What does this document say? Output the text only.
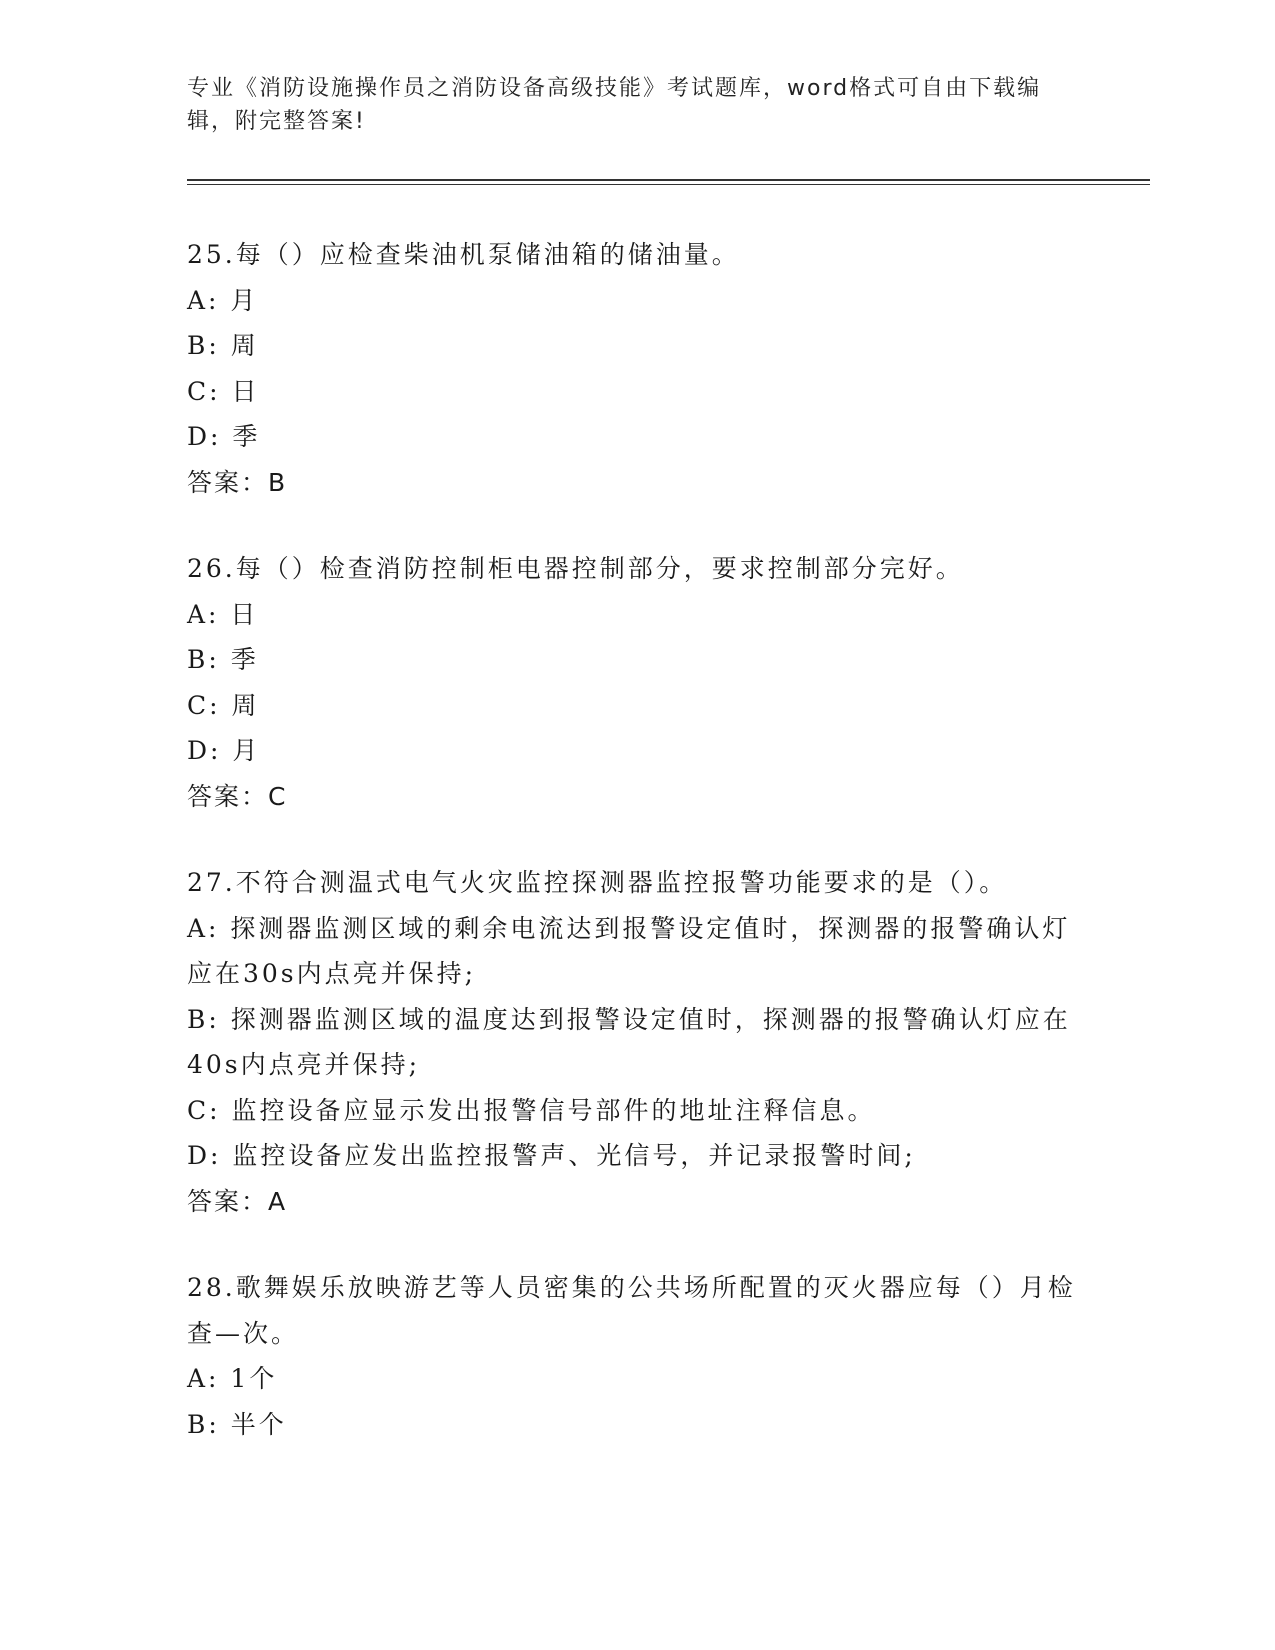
专业《消防设施操作员之消防设备高级技能》考试题库，word格式可自由下载编辑，附完整答案!
25.每（）应检查柴油机泵储油箱的储油量。
A: 月
B: 周
C: 日
D: 季
答案：B
26.每（）检查消防控制柜电器控制部分，要求控制部分完好。
A: 日
B: 季
C: 周
D: 月
答案：C
27.不符合测温式电气火灾监控探测器监控报警功能要求的是（）。
A: 探测器监测区域的剩余电流达到报警设定值时，探测器的报警确认灯应在30s内点亮并保持;
B: 探测器监测区域的温度达到报警设定值时，探测器的报警确认灯应在40s内点亮并保持;
C: 监控设备应显示发出报警信号部件的地址注释信息。
D: 监控设备应发出监控报警声、光信号，并记录报警时间;
答案：A
28.歌舞娱乐放映游艺等人员密集的公共场所配置的灭火器应每（）月检查—次。
A: 1个
B: 半个
